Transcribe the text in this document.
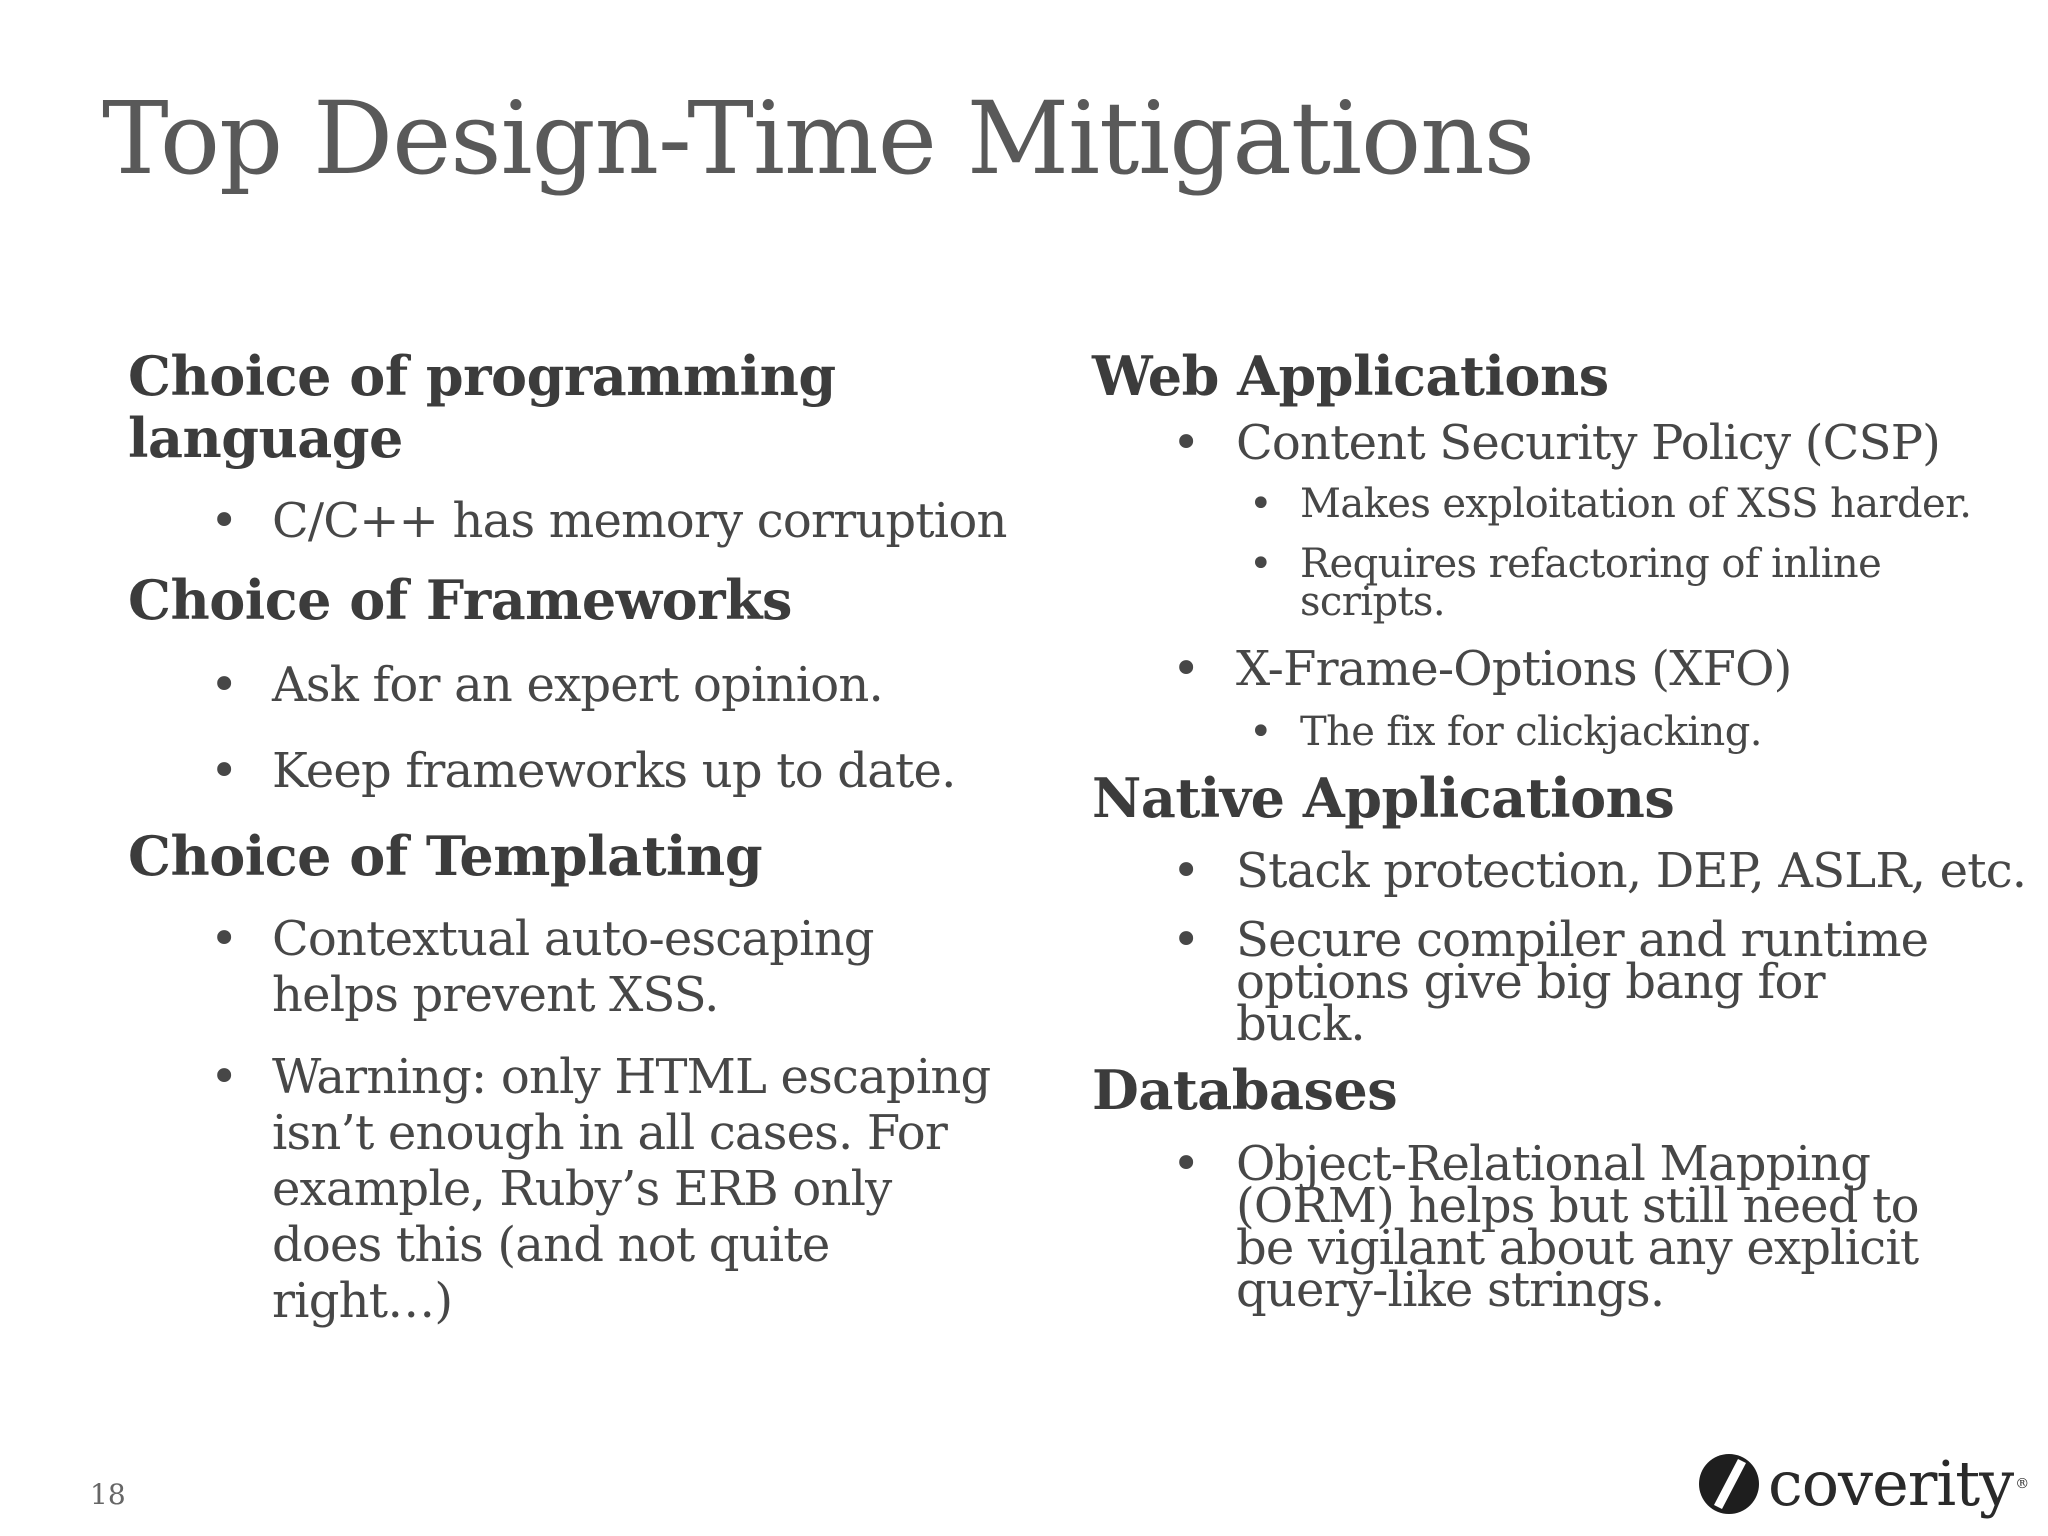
Top Design-Time Mitigations
Choice of programming language
• C/C++ has memory corruption
Choice of Frameworks
• Ask for an expert opinion.
• Keep frameworks up to date.
Choice of Templating
• Contextual auto-escaping helps prevent XSS.
• Warning: only HTML escaping isn’t enough in all cases. For example, Ruby’s ERB only does this (and not quite right…)
Web Applications
• Content Security Policy (CSP)
• Makes exploitation of XSS harder.
• Requires refactoring of inline scripts.
• X-Frame-Options (XFO)
• The fix for clickjacking.
Native Applications
• Stack protection, DEP, ASLR, etc.
• Secure compiler and runtime options give big bang for buck.
Databases
• Object-Relational Mapping (ORM) helps but still need to be vigilant about any explicit query-like strings.
18	coverity ®
